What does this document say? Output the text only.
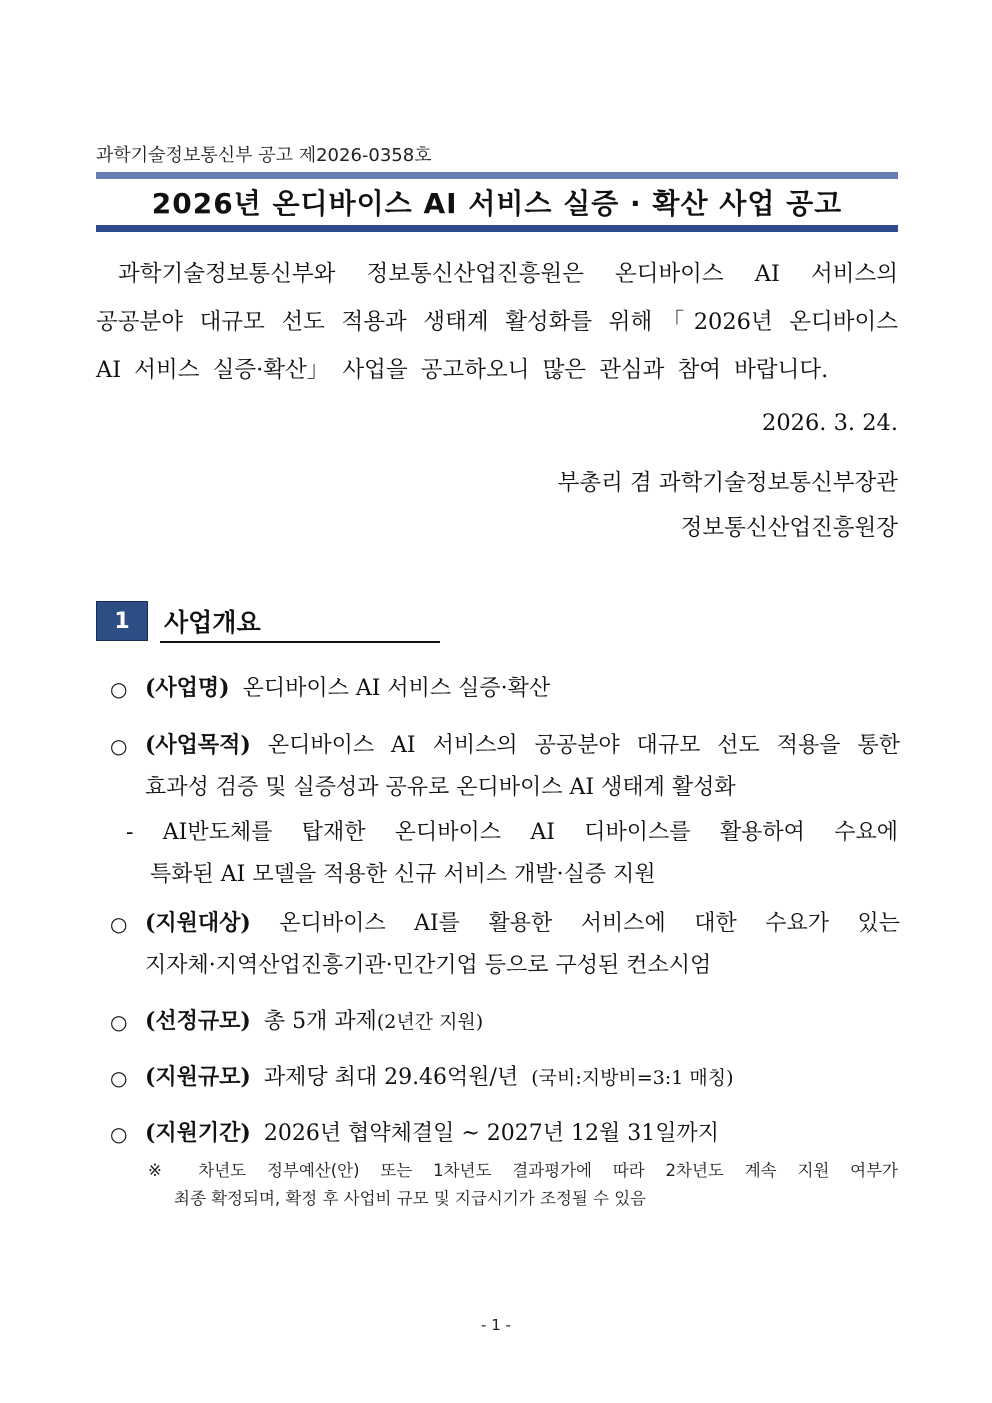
과학기술정보통신부 공고 제2026-0358호
2026년 온디바이스 AI 서비스 실증 · 확산 사업 공고
과학기술정보통신부와 정보통신산업진흥원은 온디바이스 AI 서비스의
공공분야 대규모 선도 적용과 생태계 활성화를 위해「2026년 온디바이스
AI 서비스 실증·확산」 사업을 공고하오니 많은 관심과 참여 바랍니다.
2026. 3. 24.
부총리 겸 과학기술정보통신부장관
정보통신산업진흥원장
1	사업개요
○ (사업명) 온디바이스 AI 서비스 실증·확산
○ (사업목적) 온디바이스 AI 서비스의 공공분야 대규모 선도 적용을 통한
효과성 검증 및 실증성과 공유로 온디바이스 AI 생태계 활성화
- AI반도체를 탑재한 온디바이스 AI 디바이스를 활용하여 수요에
특화된 AI 모델을 적용한 신규 서비스 개발·실증 지원
○ (지원대상) 온디바이스 AI를 활용한 서비스에 대한 수요가 있는
지자체·지역산업진흥기관·민간기업 등으로 구성된 컨소시엄
○ (선정규모) 총 5개 과제(2년간 지원)
○ (지원규모) 과제당 최대 29.46억원/년 (국비:지방비=3:1 매칭)
○ (지원기간) 2026년 협약체결일 ~ 2027년 12월 31일까지
※ 차년도 정부예산(안) 또는 1차년도 결과평가에 따라 2차년도 계속 지원 여부가
최종 확정되며, 확정 후 사업비 규모 및 지급시기가 조정될 수 있음
- 1 -
